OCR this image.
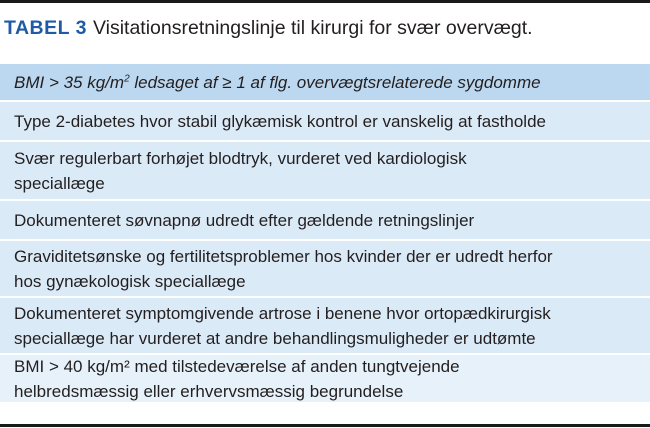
TABEL 3 Visitationsretningslinje til kirurgi for svær overvægt.
BMI > 35 $kg/m^2$ ledsaget af ≥ 1 af flg. overvægtsrelaterede sygdomme
Type 2-diabetes hvor stabil glykæmisk kontrol er vanskelig at fastholde
Svær regulerbart forhøjet blodtryk, vurderet ved kardiologisk
speciallæge
Dokumenteret søvnapnø udredt efter gældende retningslinjer
Graviditetsønske og fertilitetsproblemer hos kvinder der er udredt herfor
hos gynækologisk speciallæge
Dokumenteret symptomgivende artrose i benene hvor ortopædkirurgisk
speciallæge har vurderet at andre behandlingsmuligheder er udtømte
BMI > 40 kg/m² med tilstedeværelse af anden tungtvejende
helbredsmæssig eller erhvervsmæssig begrundelse
